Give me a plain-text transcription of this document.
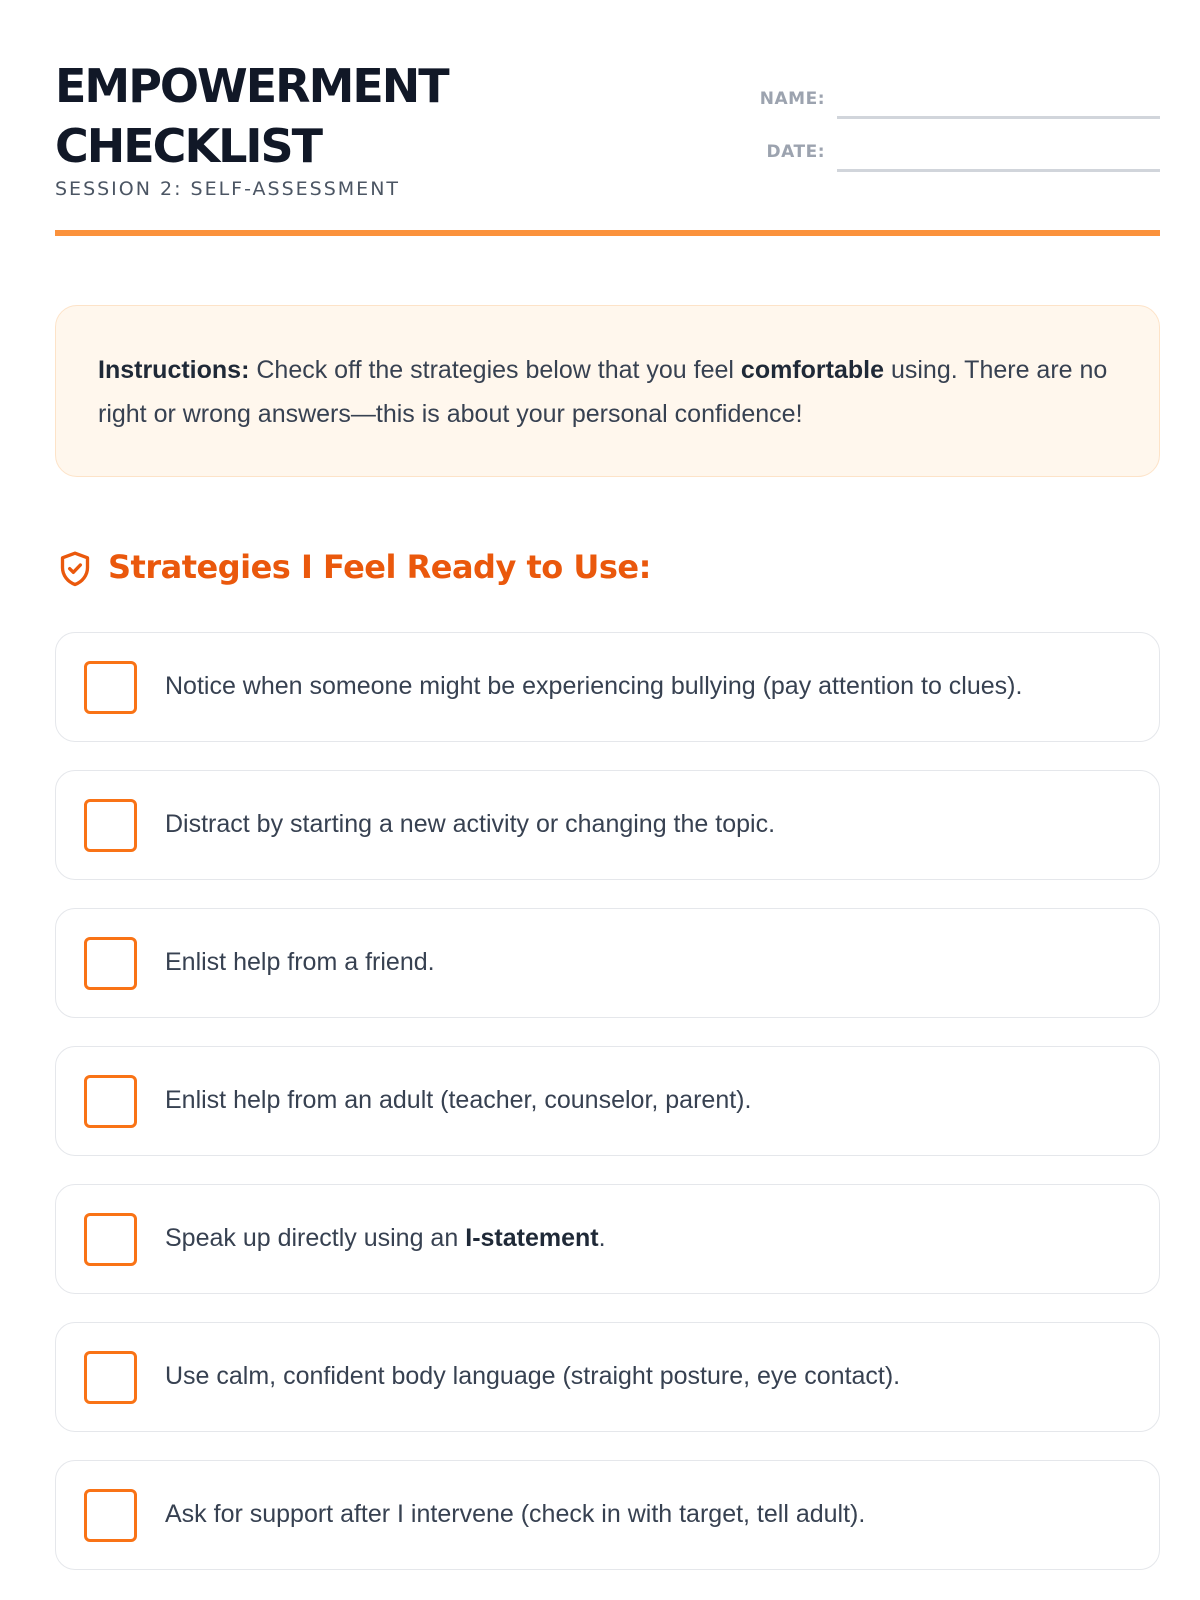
EMPOWERMENT
CHECKLIST
SESSION 2: SELF-ASSESSMENT
NAME:
DATE:
Instructions: Check off the strategies below that you feel comfortable using. There are no right or wrong answers—this is about your personal confidence!
Strategies I Feel Ready to Use:
Notice when someone might be experiencing bullying (pay attention to clues).
Distract by starting a new activity or changing the topic.
Enlist help from a friend.
Enlist help from an adult (teacher, counselor, parent).
Speak up directly using an I-statement .
Use calm, confident body language (straight posture, eye contact).
Ask for support after I intervene (check in with target, tell adult).
